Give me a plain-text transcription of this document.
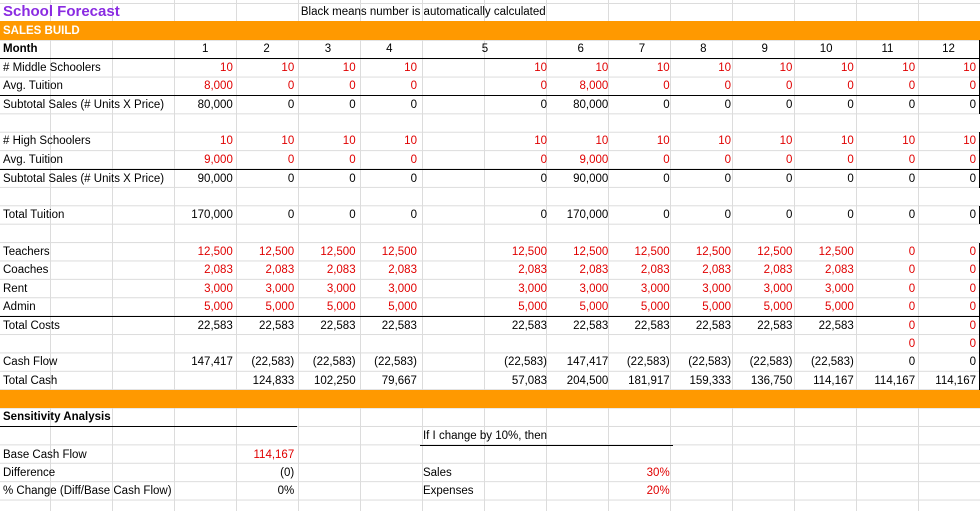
School Forecast		Black means number is automatically calculated										
SALES BUILD												
Month	1	2	3	4	5	6	7	8	9	10	11	12
# Middle Schoolers	10	10	10	10	10	10	10	10	10	10	10	10
Avg. Tuition	8,000	0	0	0	0	8,000	0	0	0	0	0	0
Subtotal Sales (# Units X Price)	80,000	0	0	0	0	80,000	0	0	0	0	0	0

# High Schoolers	10	10	10	10	10	10	10	10	10	10	10	10
Avg. Tuition	9,000	0	0	0	0	9,000	0	0	0	0	0	0
Subtotal Sales (# Units X Price)	90,000	0	0	0	0	90,000	0	0	0	0	0	0

Total Tuition	170,000	0	0	0	0	170,000	0	0	0	0	0	0

Teachers	12,500	12,500	12,500	12,500	12,500	12,500	12,500	12,500	12,500	12,500	0	0
Coaches	2,083	2,083	2,083	2,083	2,083	2,083	2,083	2,083	2,083	2,083	0	0
Rent	3,000	3,000	3,000	3,000	3,000	3,000	3,000	3,000	3,000	3,000	0	0
Admin	5,000	5,000	5,000	5,000	5,000	5,000	5,000	5,000	5,000	5,000	0	0
Total Costs	22,583	22,583	22,583	22,583	22,583	22,583	22,583	22,583	22,583	22,583	0	0
											0	0
Cash Flow	147,417	(22,583)	(22,583)	(22,583)	(22,583)	147,417	(22,583)	(22,583)	(22,583)	(22,583)	0	0
Total Cash		124,833	102,250	79,667	57,083	204,500	181,917	159,333	136,750	114,167	114,167	114,167

Sensitivity Analysis												
					If I change by 10%, then							
Base Cash Flow		114,167										
Difference		(0)			Sales		30%					
% Change (Diff/Base Cash Flow)		0%			Expenses		20%					
